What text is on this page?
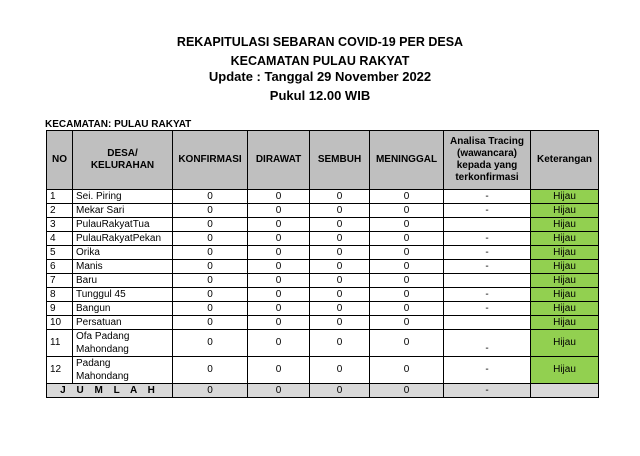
REKAPITULASI SEBARAN COVID-19 PER DESA
KECAMATAN PULAU RAKYAT
Update : Tanggal 29 November 2022
Pukul 12.00 WIB
KECAMATAN: PULAU RAKYAT
NO	DESA/ KELURAHAN	KONFIRMASI	DIRAWAT	SEMBUH	MENINGGAL	Analisa Tracing (wawancara) kepada yang terkonfirmasi	Keterangan
1	Sei. Piring	0	0	0	0	-	Hijau
2	Mekar Sari	0	0	0	0	-	Hijau
3	PulauRakyatTua	0	0	0	0		Hijau
4	PulauRakyatPekan	0	0	0	0	-	Hijau
5	Orika	0	0	0	0	-	Hijau
6	Manis	0	0	0	0	-	Hijau
7	Baru	0	0	0	0		Hijau
8	Tunggul 45	0	0	0	0	-	Hijau
9	Bangun	0	0	0	0	-	Hijau
10	Persatuan	0	0	0	0		Hijau
11	Ofa Padang
Mahondang	0	0	0	0	-	Hijau
12	Padang
Mahondang	0	0	0	0	-	Hijau
J U M L A H		0	0	0	0	-	
